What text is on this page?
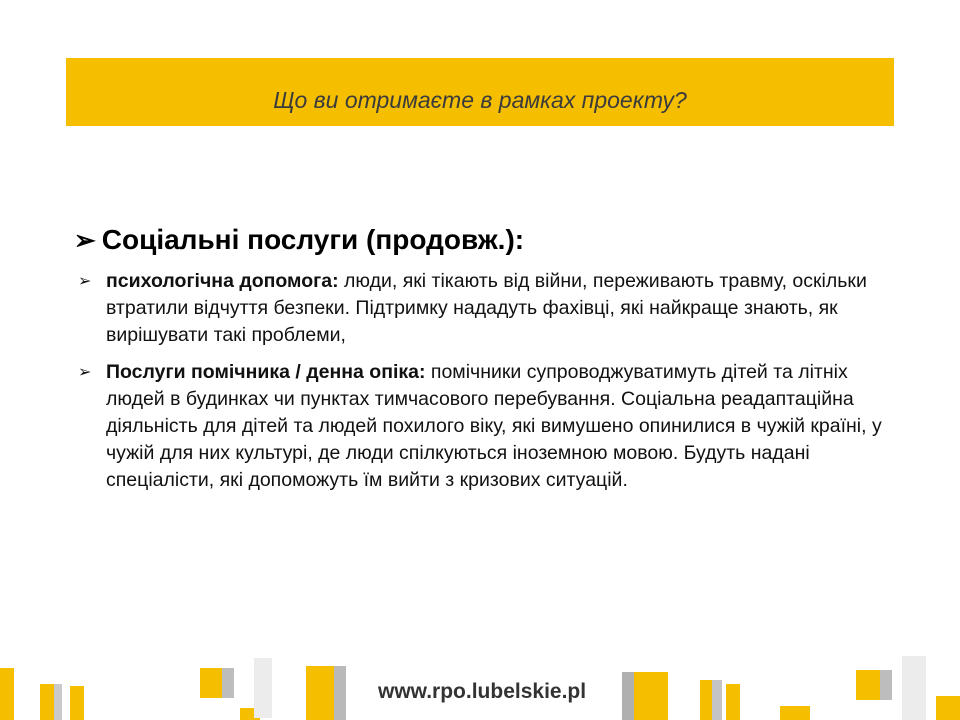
Що ви отримаєте в рамках проекту?
➢ Соціальні послуги (продовж.):
➢ психологічна допомога: люди, які тікають від війни, переживають травму, оскільки втратили відчуття безпеки. Підтримку нададуть фахівці, які найкраще знають, як вирішувати такі проблеми,
➢ Послуги помічника / денна опіка: помічники супроводжуватимуть дітей та літніх людей в будинках чи пунктах тимчасового перебування. Соціальна реадаптаційна діяльність для дітей та людей похилого віку, які вимушено опинилися в чужій країні, у чужій для них культурі, де люди спілкуються іноземною мовою. Будуть надані спеціалісти, які допоможуть їм вийти з кризових ситуацій.
www.rpo.lubelskie.pl
